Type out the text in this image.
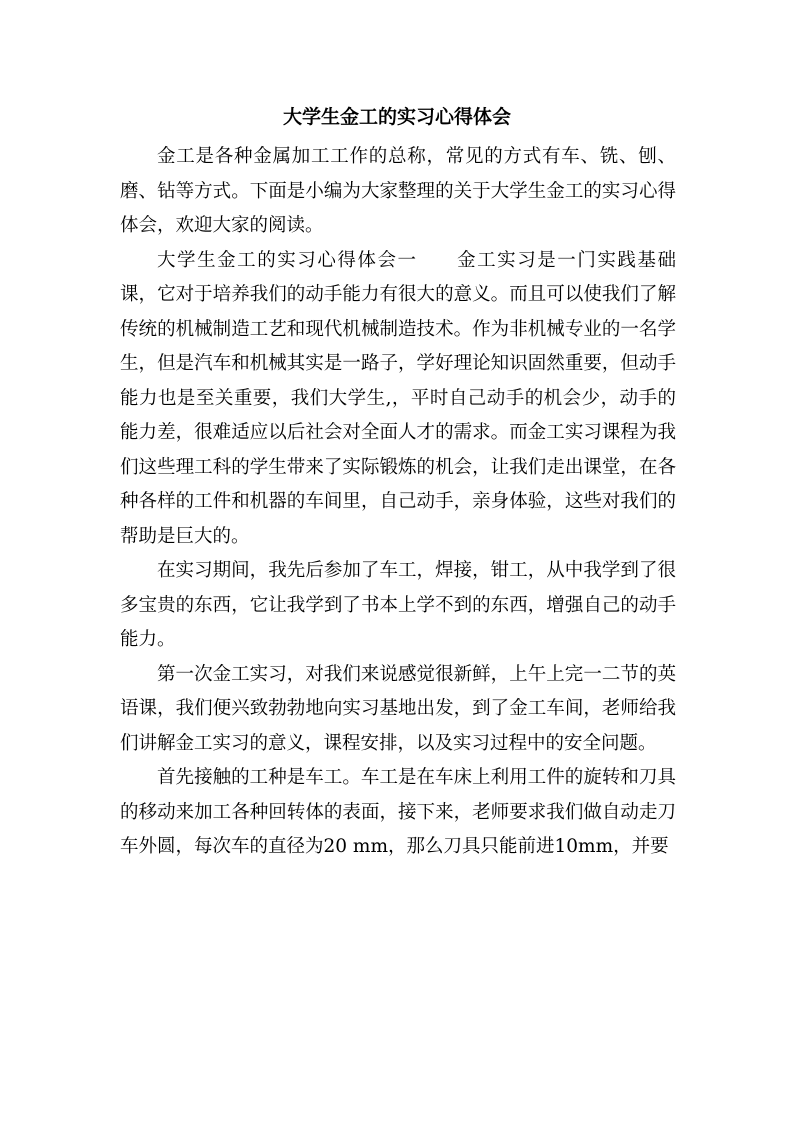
大学生金工的实习心得体会

金工是各种金属加工工作的总称，常见的方式有车、铣、刨、磨、钻等方式。下面是小编为大家整理的关于大学生金工的实习心得体会，欢迎大家的阅读。

大学生金工的实习心得体会一 金工实习是一门实践基础课，它对于培养我们的动手能力有很大的意义。而且可以使我们了解传统的机械制造工艺和现代机械制造技术。作为非机械专业的一名学生，但是汽车和机械其实是一路子，学好理论知识固然重要，但动手能力也是至关重要，我们大学生,，平时自己动手的机会少，动手的能力差，很难适应以后社会对全面人才的需求。而金工实习课程为我们这些理工科的学生带来了实际锻炼的机会，让我们走出课堂，在各种各样的工件和机器的车间里，自己动手，亲身体验，这些对我们的帮助是巨大的。

在实习期间，我先后参加了车工，焊接，钳工，从中我学到了很多宝贵的东西，它让我学到了书本上学不到的东西，增强自己的动手能力。

第一次金工实习，对我们来说感觉很新鲜，上午上完一二节的英语课，我们便兴致勃勃地向实习基地出发，到了金工车间，老师给我们讲解金工实习的意义，课程安排，以及实习过程中的安全问题。

首先接触的工种是车工。车工是在车床上利用工件的旋转和刀具的移动来加工各种回转体的表面，接下来，老师要求我们做自动走刀车外圆，每次车的直径为20 mm，那么刀具只能前进10mm，并要
